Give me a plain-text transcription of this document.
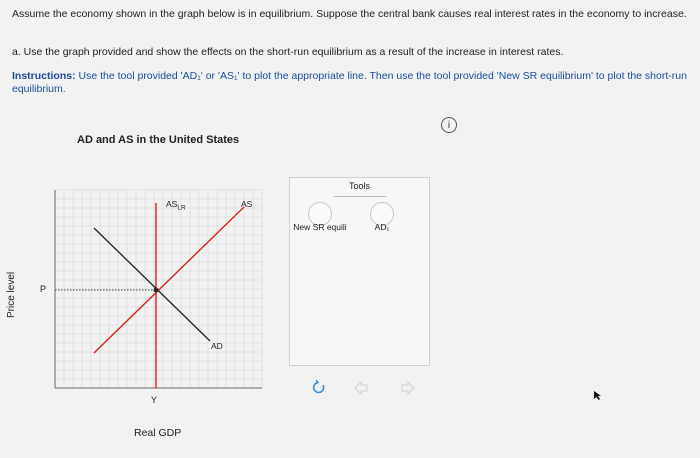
Assume the economy shown in the graph below is in equilibrium. Suppose the central bank causes real interest rates in the economy to increase.
a. Use the graph provided and show the effects on the short-run equilibrium as a result of the increase in interest rates.
Instructions: Use the tool provided 'AD₁' or 'AS₁' to plot the appropriate line. Then use the tool provided 'New SR equilibrium' to plot the short-run equilibrium.
i
AD and AS in the United States
$AS_{LR}$	AS
AD
Price level	P
Y
Real GDP
Tools
New SR equili	AD₁
